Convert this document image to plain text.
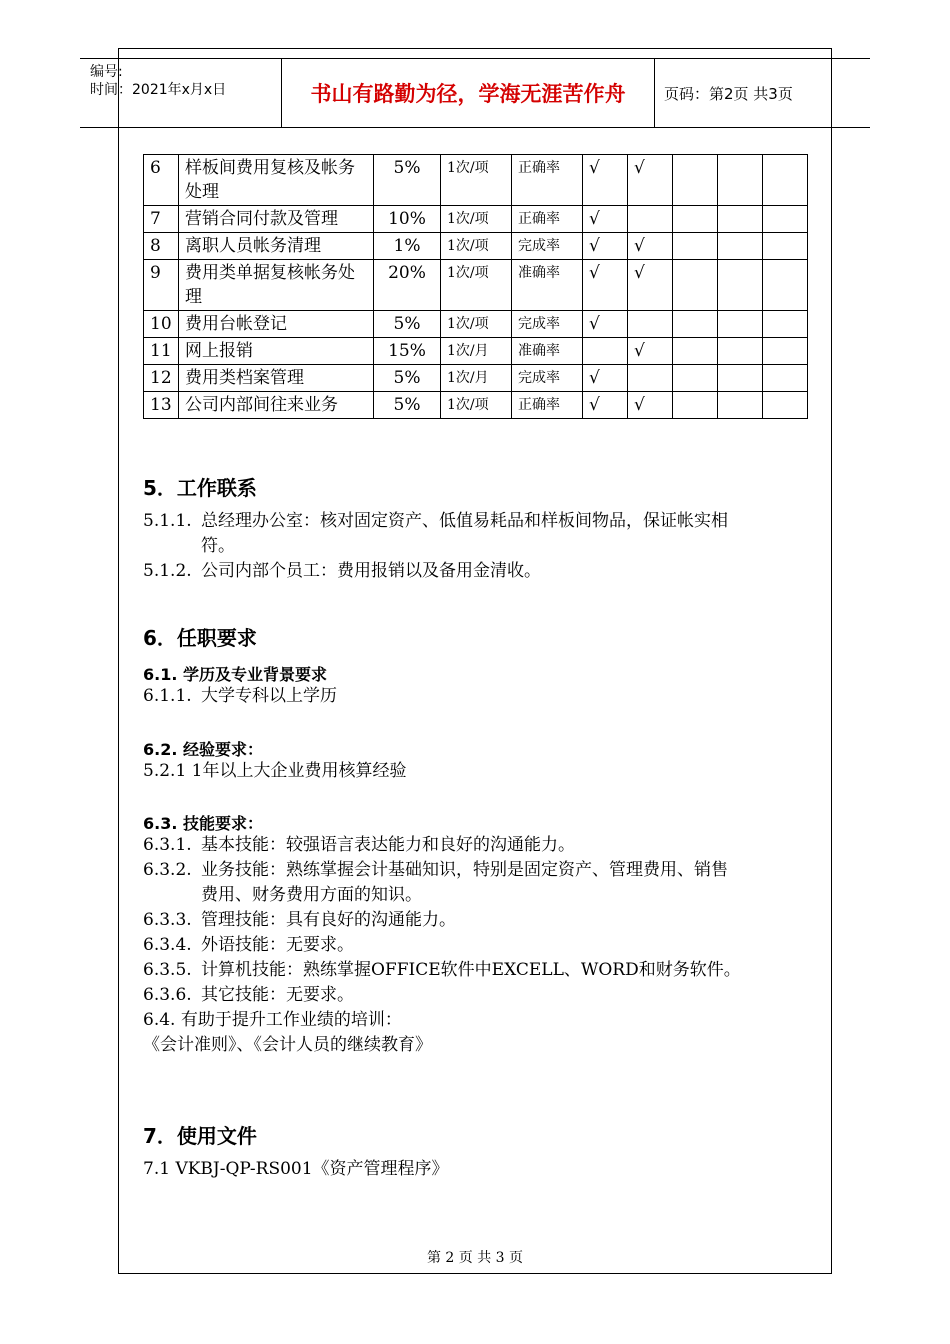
编号:
时间：2021年x月x日	书山有路勤为径，学海无涯苦作舟	页码：第2页 共3页
6	样板间费用复核及帐务处理	5%	1次/项	正确率	√	√			
7	营销合同付款及管理	10%	1次/项	正确率	√				
8	离职人员帐务清理	1%	1次/项	完成率	√	√			
9	费用类单据复核帐务处理	20%	1次/项	准确率	√	√			
10	费用台帐登记	5%	1次/项	完成率	√				
11	网上报销	15%	1次/月	准确率		√			
12	费用类档案管理	5%	1次/月	完成率	√				
13	公司内部间往来业务	5%	1次/项	正确率	√	√			
5．工作联系
5.1.1. 总经理办公室：核对固定资产、低值易耗品和样板间物品，保证帐实相
符。
5.1.2. 公司内部个员工：费用报销以及备用金清收。
6．任职要求
6.1. 学历及专业背景要求
6.1.1. 大学专科以上学历
6.2. 经验要求：
5.2.1 1年以上大企业费用核算经验
6.3. 技能要求：
6.3.1. 基本技能：较强语言表达能力和良好的沟通能力。
6.3.2. 业务技能：熟练掌握会计基础知识，特别是固定资产、管理费用、销售
费用、财务费用方面的知识。
6.3.3. 管理技能：具有良好的沟通能力。
6.3.4. 外语技能：无要求。
6.3.5. 计算机技能：熟练掌握OFFICE软件中EXCELL、WORD和财务软件。
6.3.6. 其它技能：无要求。
6.4. 有助于提升工作业绩的培训：
《会计准则》、《会计人员的继续教育》
7．使用文件
7.1 VKBJ-QP-RS001《资产管理程序》
第 2 页 共 3 页
